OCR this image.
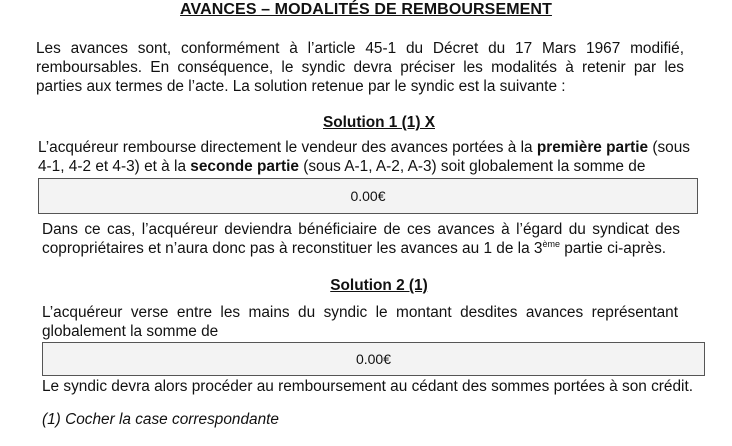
AVANCES – MODALITÉS DE REMBOURSEMENT
Les avances sont, conformément à l’article 45-1 du Décret du 17 Mars 1967 modifié, remboursables. En conséquence, le syndic devra préciser les modalités à retenir par les parties aux termes de l’acte. La solution retenue par le syndic est la suivante :
Solution 1 (1) X
L’acquéreur rembourse directement le vendeur des avances portées à la première partie (sous 4-1, 4-2 et 4-3) et à la seconde partie (sous A-1, A-2, A-3) soit globalement la somme de
0.00€
Dans ce cas, l’acquéreur deviendra bénéficiaire de ces avances à l’égard du syndicat des copropriétaires et n’aura donc pas à reconstituer les avances au 1 de la 3ème partie ci-après.
Solution 2 (1)
L’acquéreur verse entre les mains du syndic le montant desdites avances représentant globalement la somme de
0.00€
Le syndic devra alors procéder au remboursement au cédant des sommes portées à son crédit.
(1) Cocher la case correspondante
